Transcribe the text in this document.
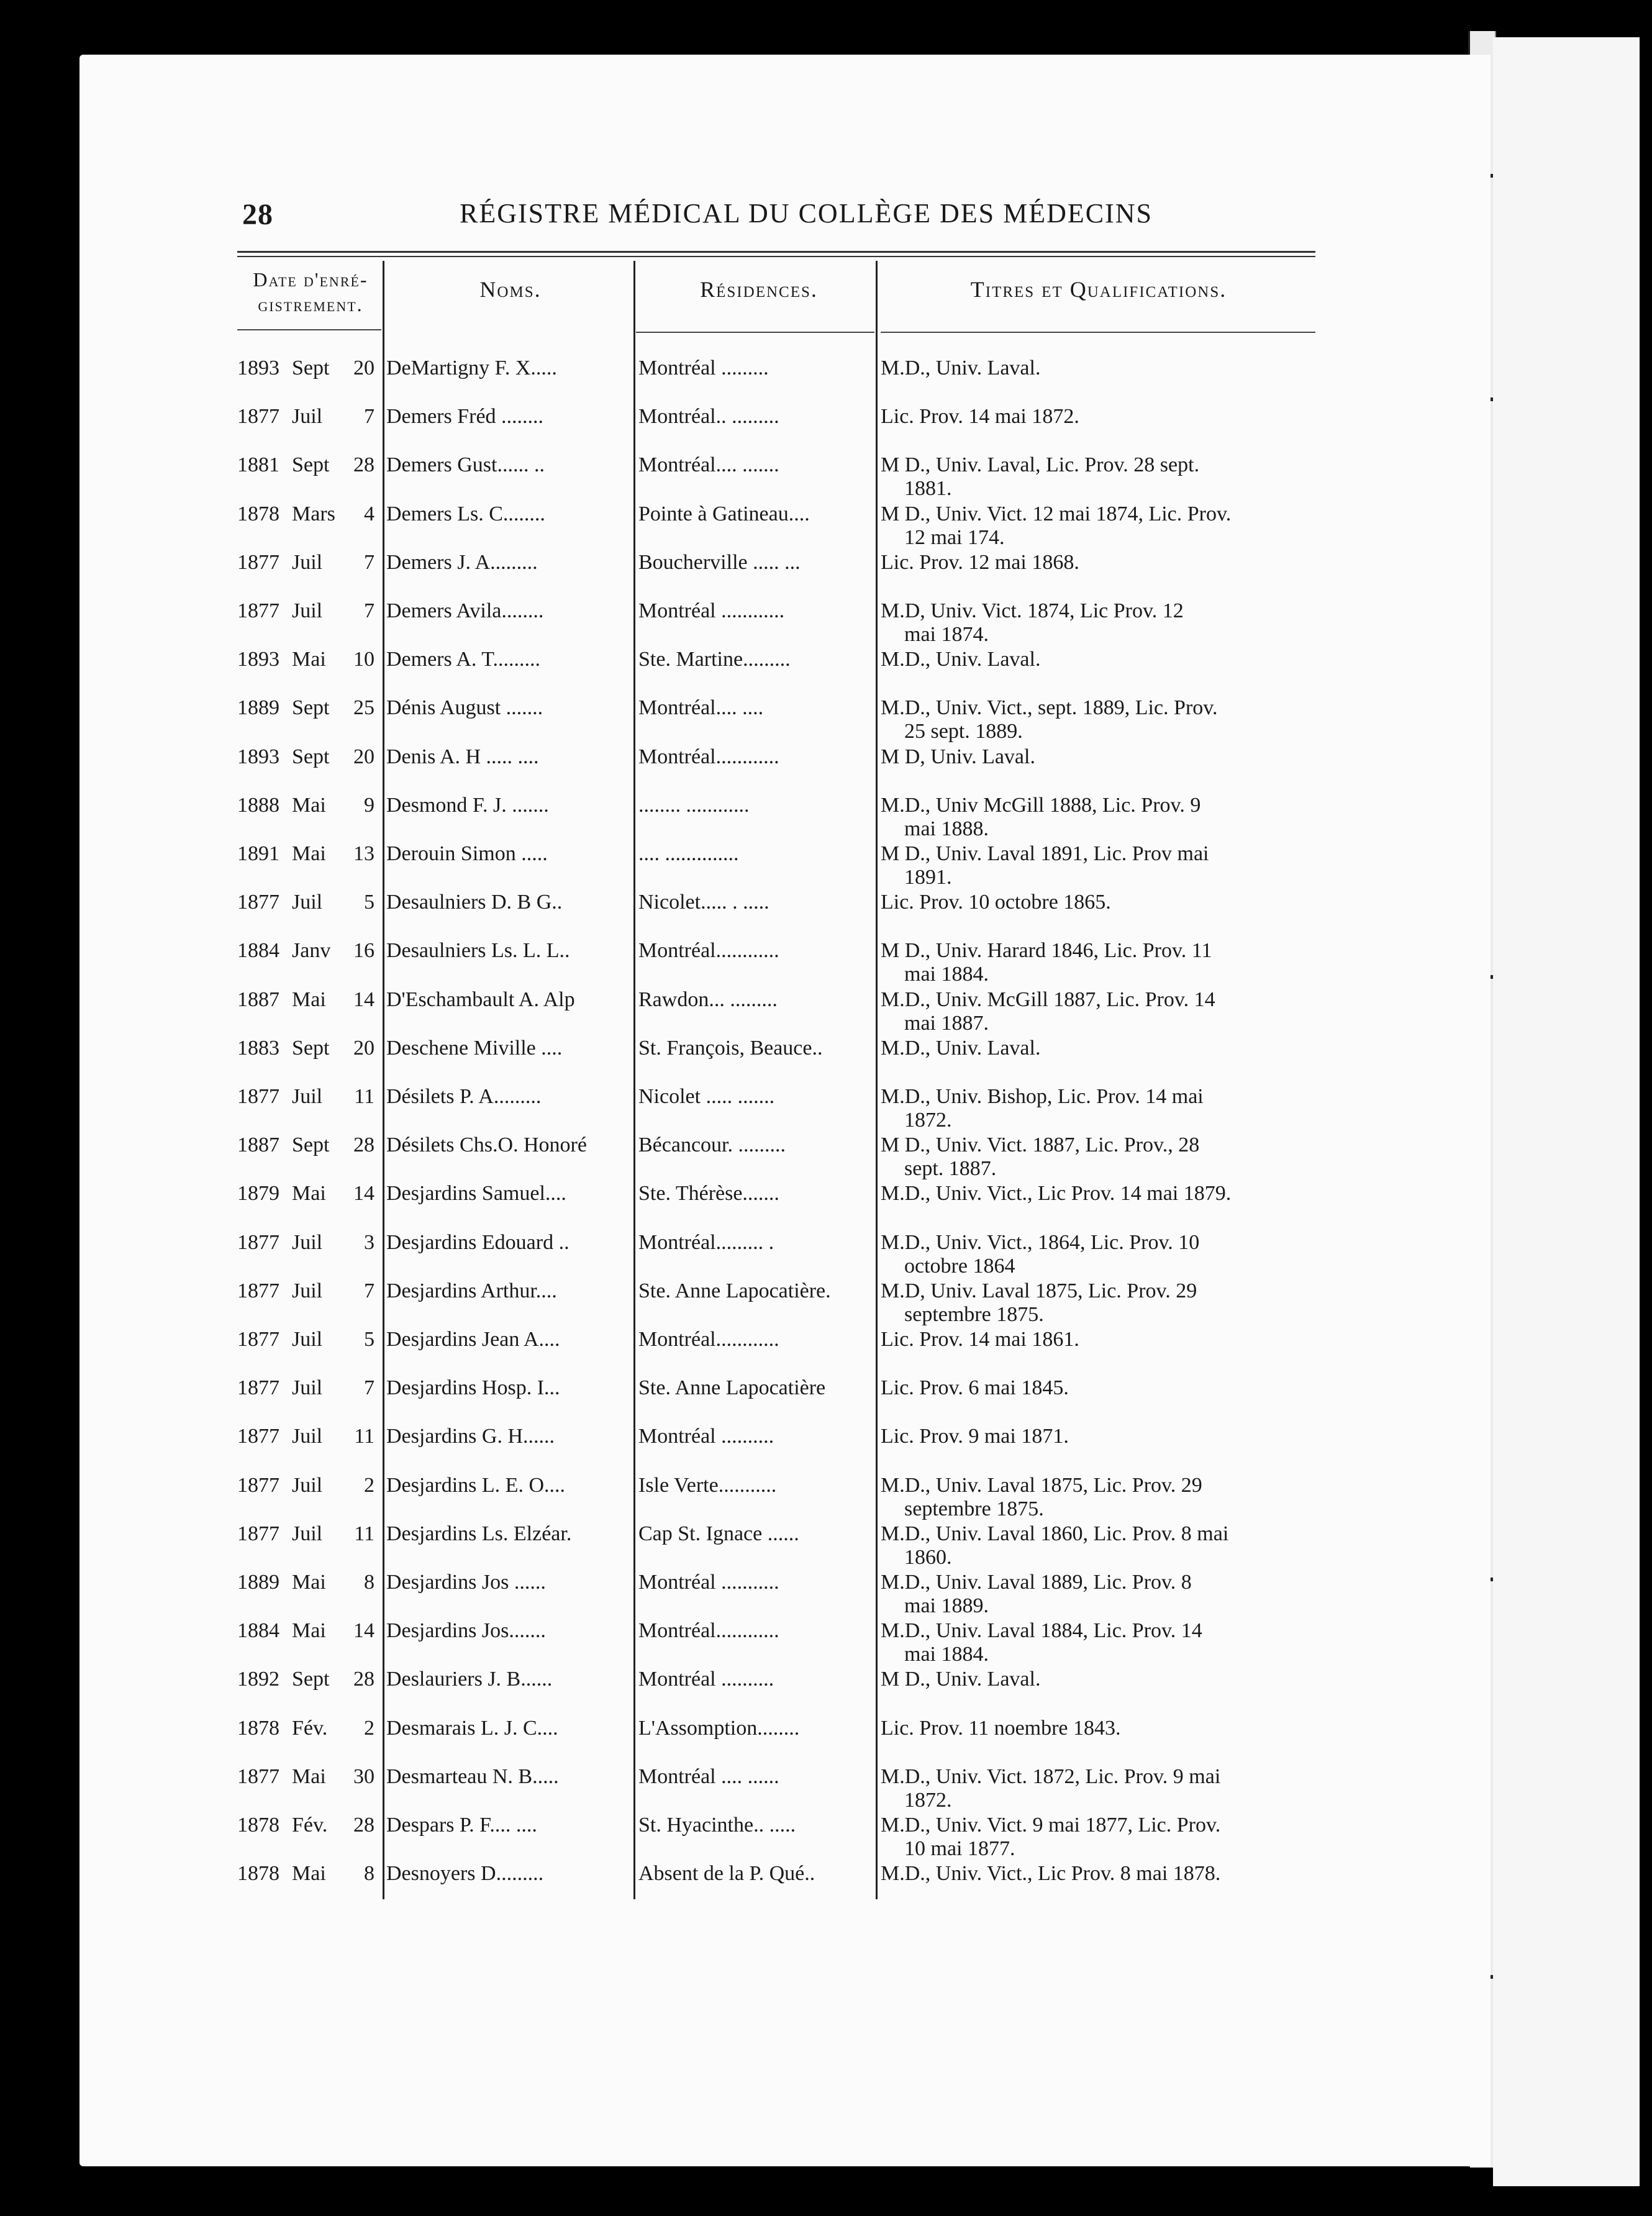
28	RÉGISTRE MÉDICAL DU COLLÈGE DES MÉDECINS
Date d'enré-
gistrement.
Noms.	Résidences.	Titres et Qualifications.
1893 Sept	20 DeMartigny F. X.....	Montréal .........	M.D., Univ. Laval.
1877 Juil	7 Demers Fréd ........	Montréal.. .........	Lic. Prov. 14 mai 1872.
1881 Sept	28 Demers Gust...... ..	Montréal.... .......	M D., Univ. Laval, Lic. Prov. 28 sept.
1881.
1878 Mars	4 Demers Ls. C........	Pointe à Gatineau....	M D., Univ. Vict. 12 mai 1874, Lic. Prov.
12 mai 174.
1877 Juil	7 Demers J. A.........	Boucherville ..... ...	Lic. Prov. 12 mai 1868.
1877 Juil	7 Demers Avila........	Montréal ............	M.D, Univ. Vict. 1874, Lic Prov. 12
mai 1874.
1893 Mai	10 Demers A. T.........	Ste. Martine.........	M.D., Univ. Laval.
1889 Sept	25 Dénis August .......	Montréal.... ....	M.D., Univ. Vict., sept. 1889, Lic. Prov.
25 sept. 1889.
1893 Sept	20 Denis A. H ..... ....	Montréal............	M D, Univ. Laval.
1888 Mai	9 Desmond F. J. .......	........ ............	M.D., Univ McGill 1888, Lic. Prov. 9
mai 1888.
1891 Mai	13 Derouin Simon .....	.... ..............	M D., Univ. Laval 1891, Lic. Prov mai
1891.
1877 Juil	5 Desaulniers D. B G..	Nicolet..... . .....	Lic. Prov. 10 octobre 1865.
1884 Janv	16 Desaulniers Ls. L. L..	Montréal............	M D., Univ. Harard 1846, Lic. Prov. 11
mai 1884.
1887 Mai	14 D'Eschambault A. Alp	Rawdon... .........	M.D., Univ. McGill 1887, Lic. Prov. 14
mai 1887.
1883 Sept	20 Deschene Miville ....	St. François, Beauce..	M.D., Univ. Laval.
1877 Juil	11 Désilets P. A.........	Nicolet ..... .......	M.D., Univ. Bishop, Lic. Prov. 14 mai
1872.
1887 Sept	28 Désilets Chs.O. Honoré	Bécancour. .........	M D., Univ. Vict. 1887, Lic. Prov., 28
sept. 1887.
1879 Mai	14 Desjardins Samuel....	Ste. Thérèse.......	M.D., Univ. Vict., Lic Prov. 14 mai 1879.
1877 Juil	3 Desjardins Edouard ..	Montréal......... .	M.D., Univ. Vict., 1864, Lic. Prov. 10
octobre 1864
1877 Juil	7 Desjardins Arthur....	Ste. Anne Lapocatière.	M.D, Univ. Laval 1875, Lic. Prov. 29
septembre 1875.
1877 Juil	5 Desjardins Jean A....	Montréal............	Lic. Prov. 14 mai 1861.
1877 Juil	7 Desjardins Hosp. I...	Ste. Anne Lapocatière	Lic. Prov. 6 mai 1845.
1877 Juil	11 Desjardins G. H......	Montréal ..........	Lic. Prov. 9 mai 1871.
1877 Juil	2 Desjardins L. E. O....	Isle Verte...........	M.D., Univ. Laval 1875, Lic. Prov. 29
septembre 1875.
1877 Juil	11 Desjardins Ls. Elzéar.	Cap St. Ignace ......	M.D., Univ. Laval 1860, Lic. Prov. 8 mai
1860.
1889 Mai	8 Desjardins Jos ......	Montréal ...........	M.D., Univ. Laval 1889, Lic. Prov. 8
mai 1889.
1884 Mai	14 Desjardins Jos.......	Montréal............	M.D., Univ. Laval 1884, Lic. Prov. 14
mai 1884.
1892 Sept	28 Deslauriers J. B......	Montréal ..........	M D., Univ. Laval.
1878 Fév.	2 Desmarais L. J. C....	L'Assomption........	Lic. Prov. 11 noembre 1843.
1877 Mai	30 Desmarteau N. B.....	Montréal .... ......	M.D., Univ. Vict. 1872, Lic. Prov. 9 mai
1872.
1878 Fév.	28 Despars P. F.... ....	St. Hyacinthe.. .....	M.D., Univ. Vict. 9 mai 1877, Lic. Prov.
10 mai 1877.
1878 Mai	8 Desnoyers D.........	Absent de la P. Qué..	M.D., Univ. Vict., Lic Prov. 8 mai 1878.
